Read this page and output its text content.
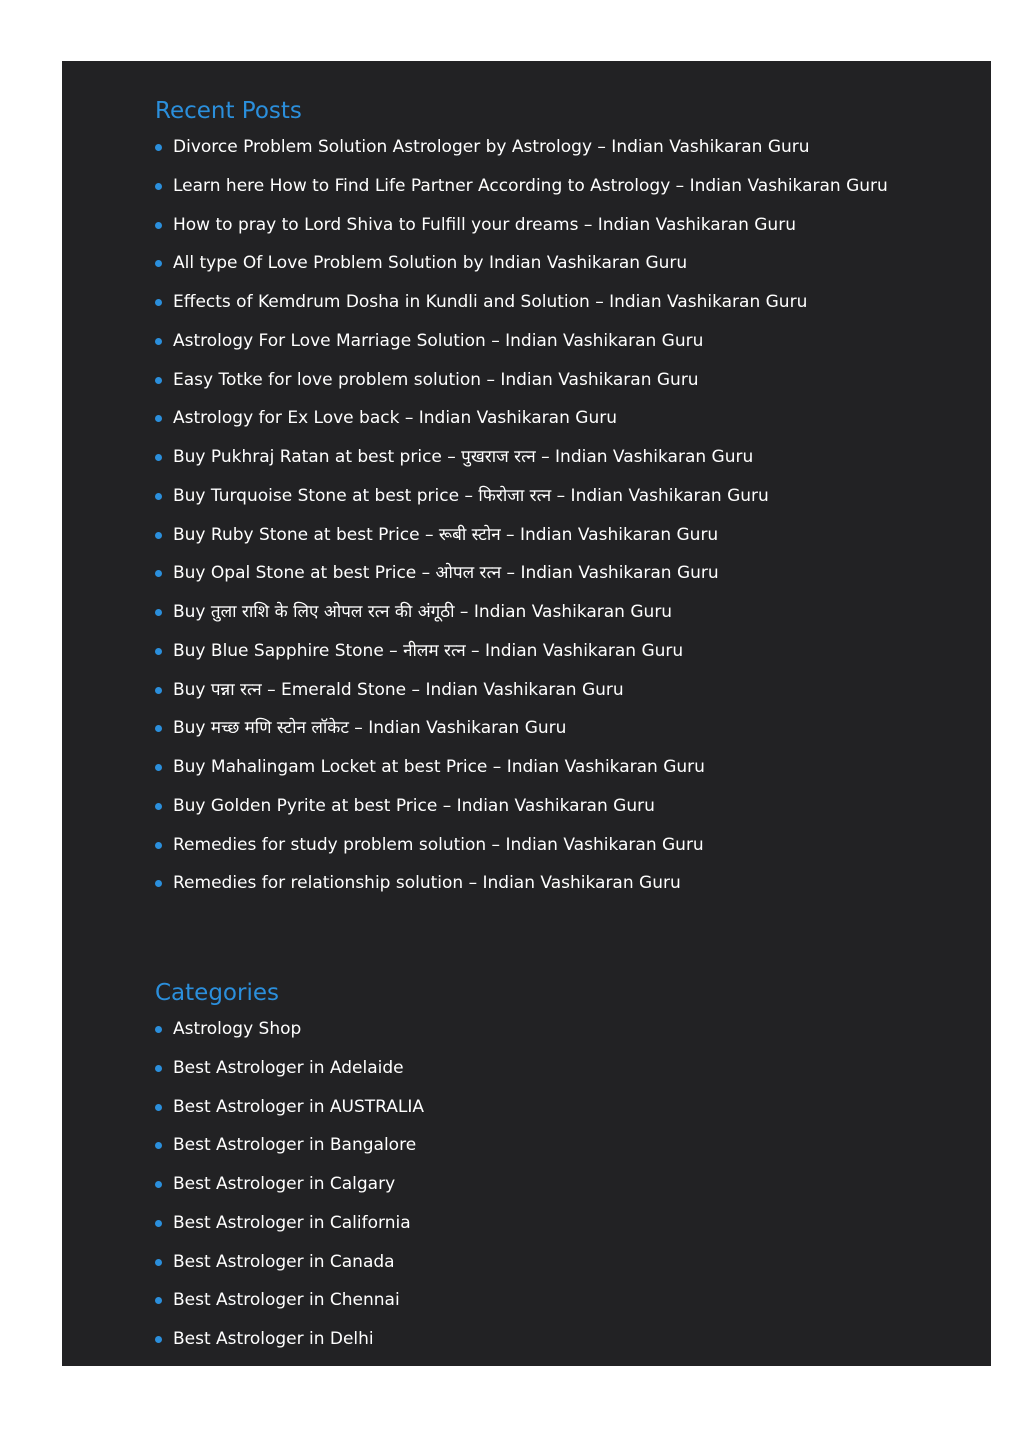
Recent Posts
Divorce Problem Solution Astrologer by Astrology – Indian Vashikaran Guru
Learn here How to Find Life Partner According to Astrology – Indian Vashikaran Guru
How to pray to Lord Shiva to Fulfill your dreams – Indian Vashikaran Guru
All type Of Love Problem Solution by Indian Vashikaran Guru
Effects of Kemdrum Dosha in Kundli and Solution – Indian Vashikaran Guru
Astrology For Love Marriage Solution – Indian Vashikaran Guru
Easy Totke for love problem solution – Indian Vashikaran Guru
Astrology for Ex Love back – Indian Vashikaran Guru
Buy Pukhraj Ratan at best price – पुखराज रत्न – Indian Vashikaran Guru
Buy Turquoise Stone at best price – फिरोजा रत्न – Indian Vashikaran Guru
Buy Ruby Stone at best Price – रूबी स्टोन – Indian Vashikaran Guru
Buy Opal Stone at best Price – ओपल रत्न – Indian Vashikaran Guru
Buy तुला राशि के लिए ओपल रत्न की अंगूठी – Indian Vashikaran Guru
Buy Blue Sapphire Stone – नीलम रत्न – Indian Vashikaran Guru
Buy पन्ना रत्न – Emerald Stone – Indian Vashikaran Guru
Buy मच्छ मणि स्टोन लॉकेट – Indian Vashikaran Guru
Buy Mahalingam Locket at best Price – Indian Vashikaran Guru
Buy Golden Pyrite at best Price – Indian Vashikaran Guru
Remedies for study problem solution – Indian Vashikaran Guru
Remedies for relationship solution – Indian Vashikaran Guru
Categories
Astrology Shop
Best Astrologer in Adelaide
Best Astrologer in AUSTRALIA
Best Astrologer in Bangalore
Best Astrologer in Calgary
Best Astrologer in California
Best Astrologer in Canada
Best Astrologer in Chennai
Best Astrologer in Delhi
